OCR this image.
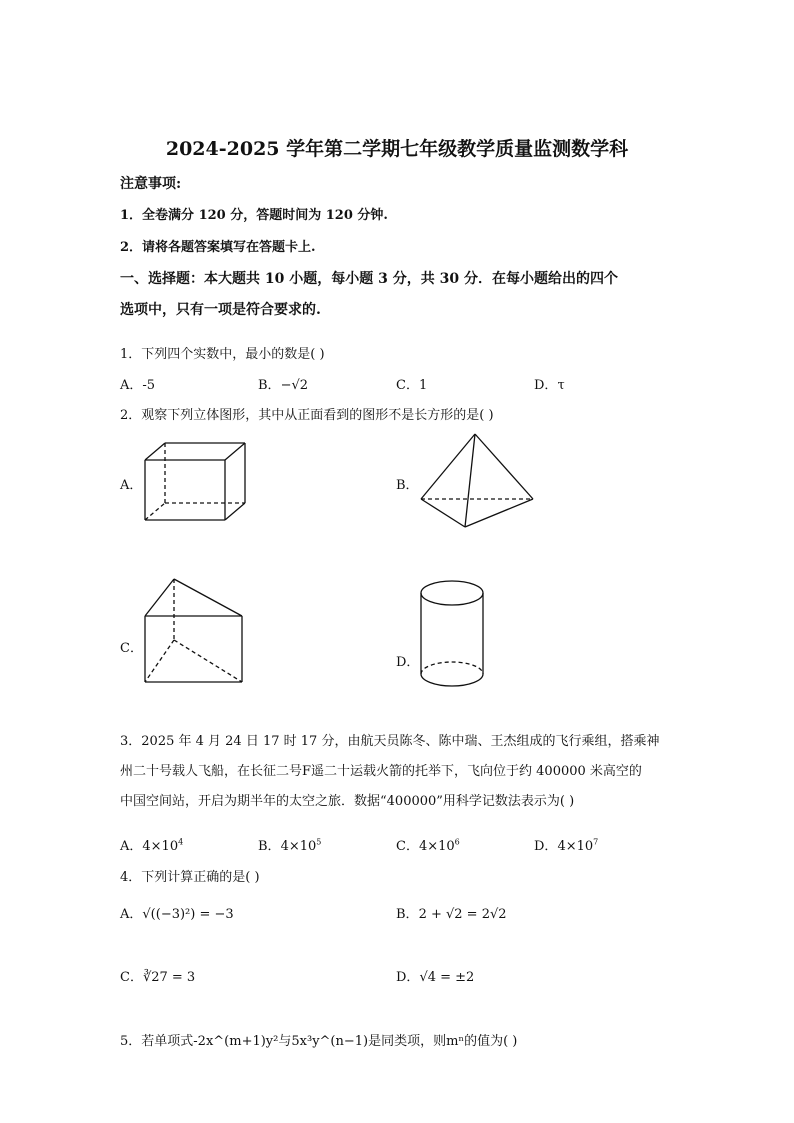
2024-2025 学年第二学期七年级教学质量监测数学科
注意事项:
1．全卷满分 120 分，答题时间为 120 分钟.
2．请将各题答案填写在答题卡上.
一、选择题：本大题共 10 小题，每小题 3 分，共 30 分．在每小题给出的四个
选项中，只有一项是符合要求的.
1．下列四个实数中，最小的数是( )
A．-5	B．−√2	C．1	D．τ
2．观察下列立体图形，其中从正面看到的图形不是长方形的是( )
A．	B．
C．
D．
3．2025 年 4 月 24 日 17 时 17 分，由航天员陈冬、陈中瑞、王杰组成的飞行乘组，搭乘神
州二十号载人飞船，在长征二号F遥二十运载火箭的托举下，飞向位于约 400000 米高空的
中国空间站，开启为期半年的太空之旅．数据“400000”用科学记数法表示为( )
A．$4\times 10^4$	B．$4\times 10^5$	C．$4\times 10^6$	D．$4\times 10^7$
4．下列计算正确的是( )
A．√((−3)²) = −3	B．2 + √2 = 2√2
C．∛27 = 3	D．√4 = ±2
5．若单项式-2x^(m+1)y²与5x³y^(n−1)是同类项，则mⁿ的值为( )
